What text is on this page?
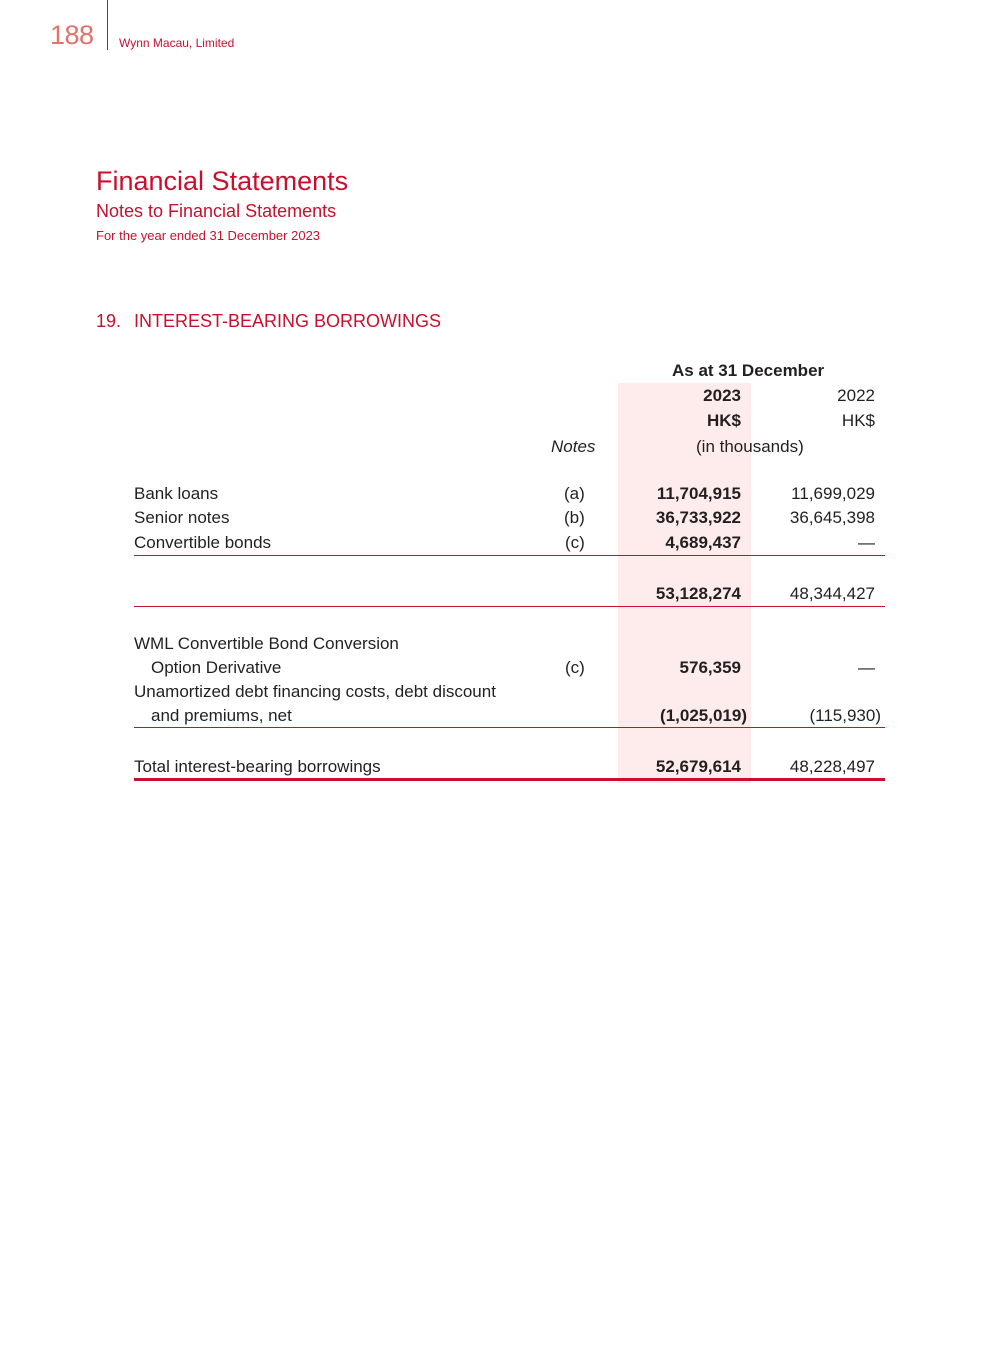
188 Wynn Macau, Limited
Financial Statements
Notes to Financial Statements
For the year ended 31 December 2023
19. INTEREST-BEARING BORROWINGS
As at 31 December
2023	2022
HK$	HK$
Notes	(in thousands)
Bank loans	(a)	11,704,915	11,699,029
Senior notes	(b)	36,733,922	36,645,398
Convertible bonds	(c)	4,689,437	—
53,128,274	48,344,427
WML Convertible Bond Conversion
Option Derivative	(c)	576,359	—
Unamortized debt financing costs, debt discount
and premiums, net	(1,025,019)	(115,930)
Total interest-bearing borrowings	52,679,614	48,228,497
